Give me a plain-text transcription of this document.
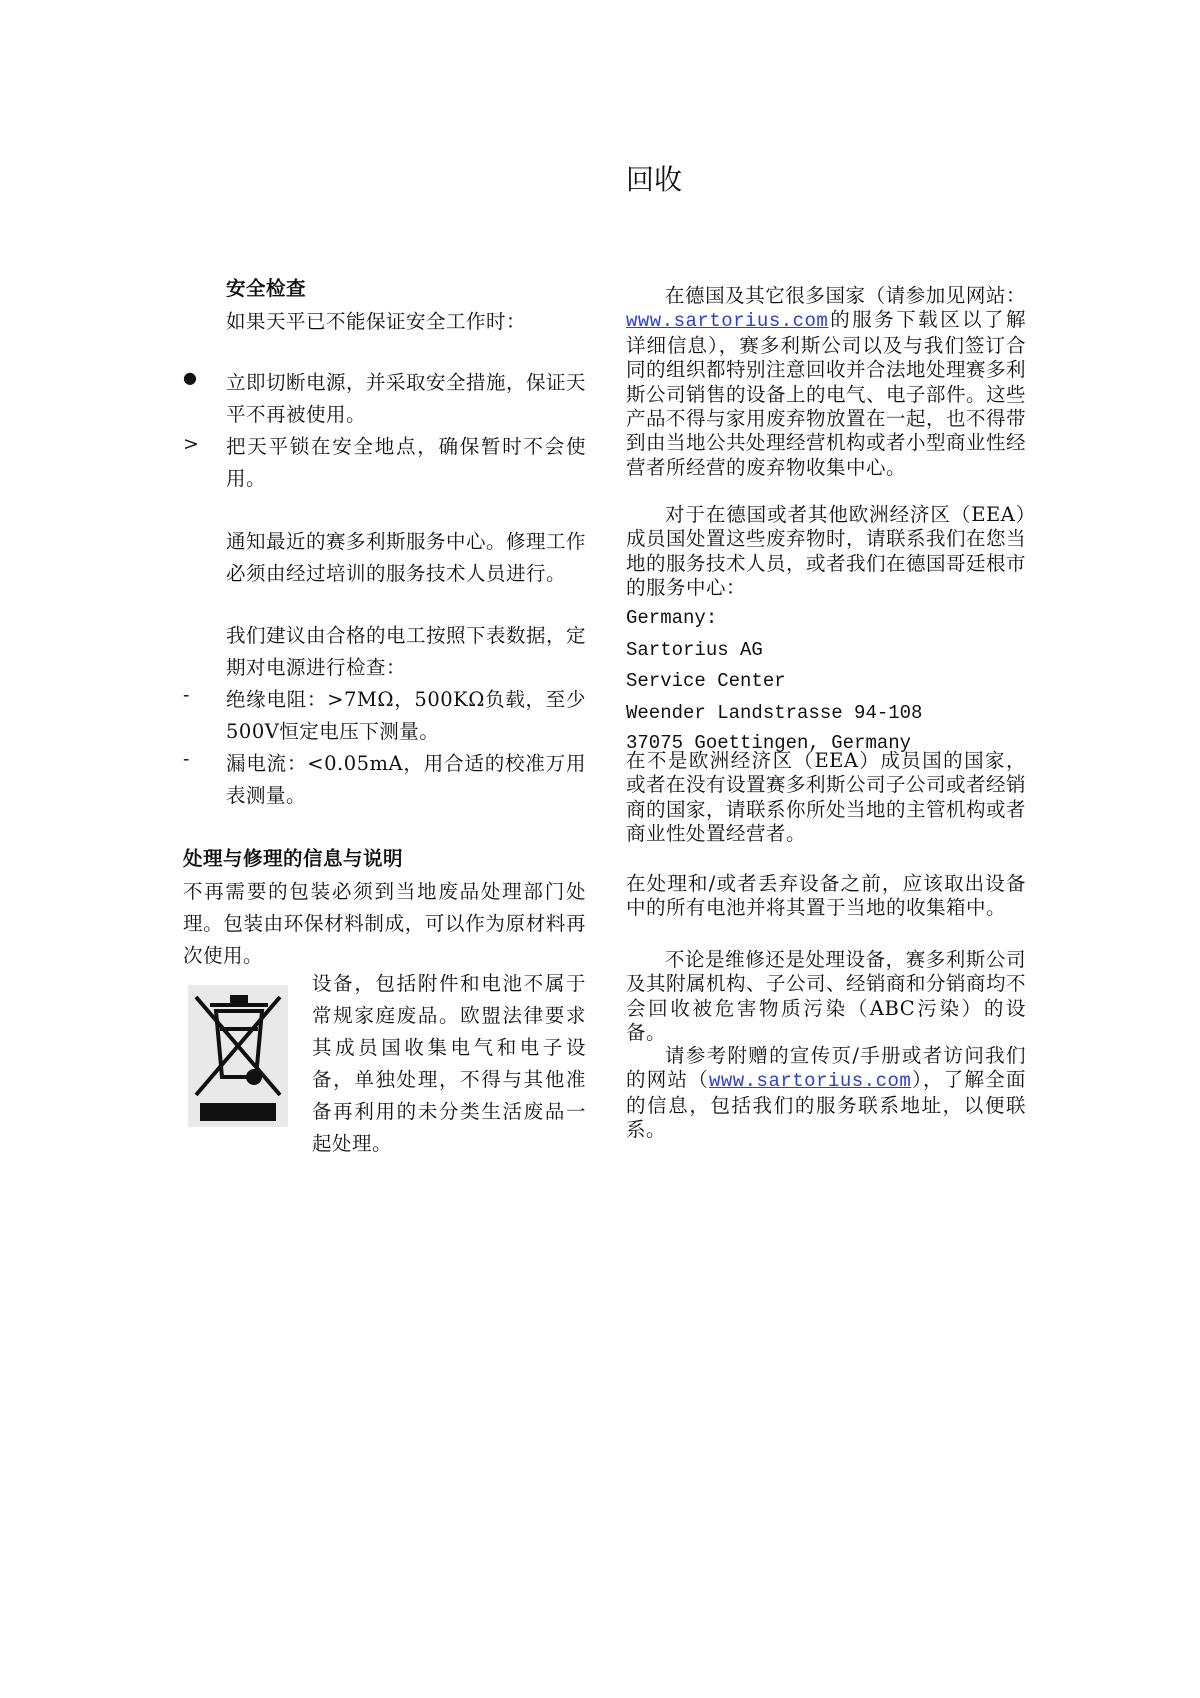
回收
安全检查
如果天平已不能保证安全工作时：
● 立即切断电源，并采取安全措施，保证天平不再被使用。
> 把天平锁在安全地点，确保暂时不会使用。
通知最近的赛多利斯服务中心。修理工作必须由经过培训的服务技术人员进行。
我们建议由合格的电工按照下表数据，定期对电源进行检查：
- 绝缘电阻：>7MΩ，500KΩ负载，至少500V恒定电压下测量。
- 漏电流：<0.05mA，用合适的校准万用表测量。
处理与修理的信息与说明
不再需要的包装必须到当地废品处理部门处理。包装由环保材料制成，可以作为原材料再次使用。
设备，包括附件和电池不属于常规家庭废品。欧盟法律要求其成员国收集电气和电子设备，单独处理，不得与其他准备再利用的未分类生活废品一起处理。
在德国及其它很多国家（请参加见网站：www.sartorius.com的服务下载区以了解详细信息），赛多利斯公司以及与我们签订合同的组织都特别注意回收并合法地处理赛多利斯公司销售的设备上的电气、电子部件。这些产品不得与家用废弃物放置在一起，也不得带到由当地公共处理经营机构或者小型商业性经营者所经营的废弃物收集中心。
对于在德国或者其他欧洲经济区（EEA）成员国处置这些废弃物时，请联系我们在您当地的服务技术人员，或者我们在德国哥廷根市的服务中心：
Germany:
Sartorius AG
Service Center
Weender Landstrasse 94-108
37075 Goettingen, Germany
在不是欧洲经济区（EEA）成员国的国家，或者在没有设置赛多利斯公司子公司或者经销商的国家，请联系你所处当地的主管机构或者商业性处置经营者。
在处理和/或者丢弃设备之前，应该取出设备中的所有电池并将其置于当地的收集箱中。
不论是维修还是处理设备，赛多利斯公司及其附属机构、子公司、经销商和分销商均不会回收被危害物质污染（ABC污染）的设备。
请参考附赠的宣传页/手册或者访问我们的网站（www.sartorius.com），了解全面的信息，包括我们的服务联系地址，以便联系。
